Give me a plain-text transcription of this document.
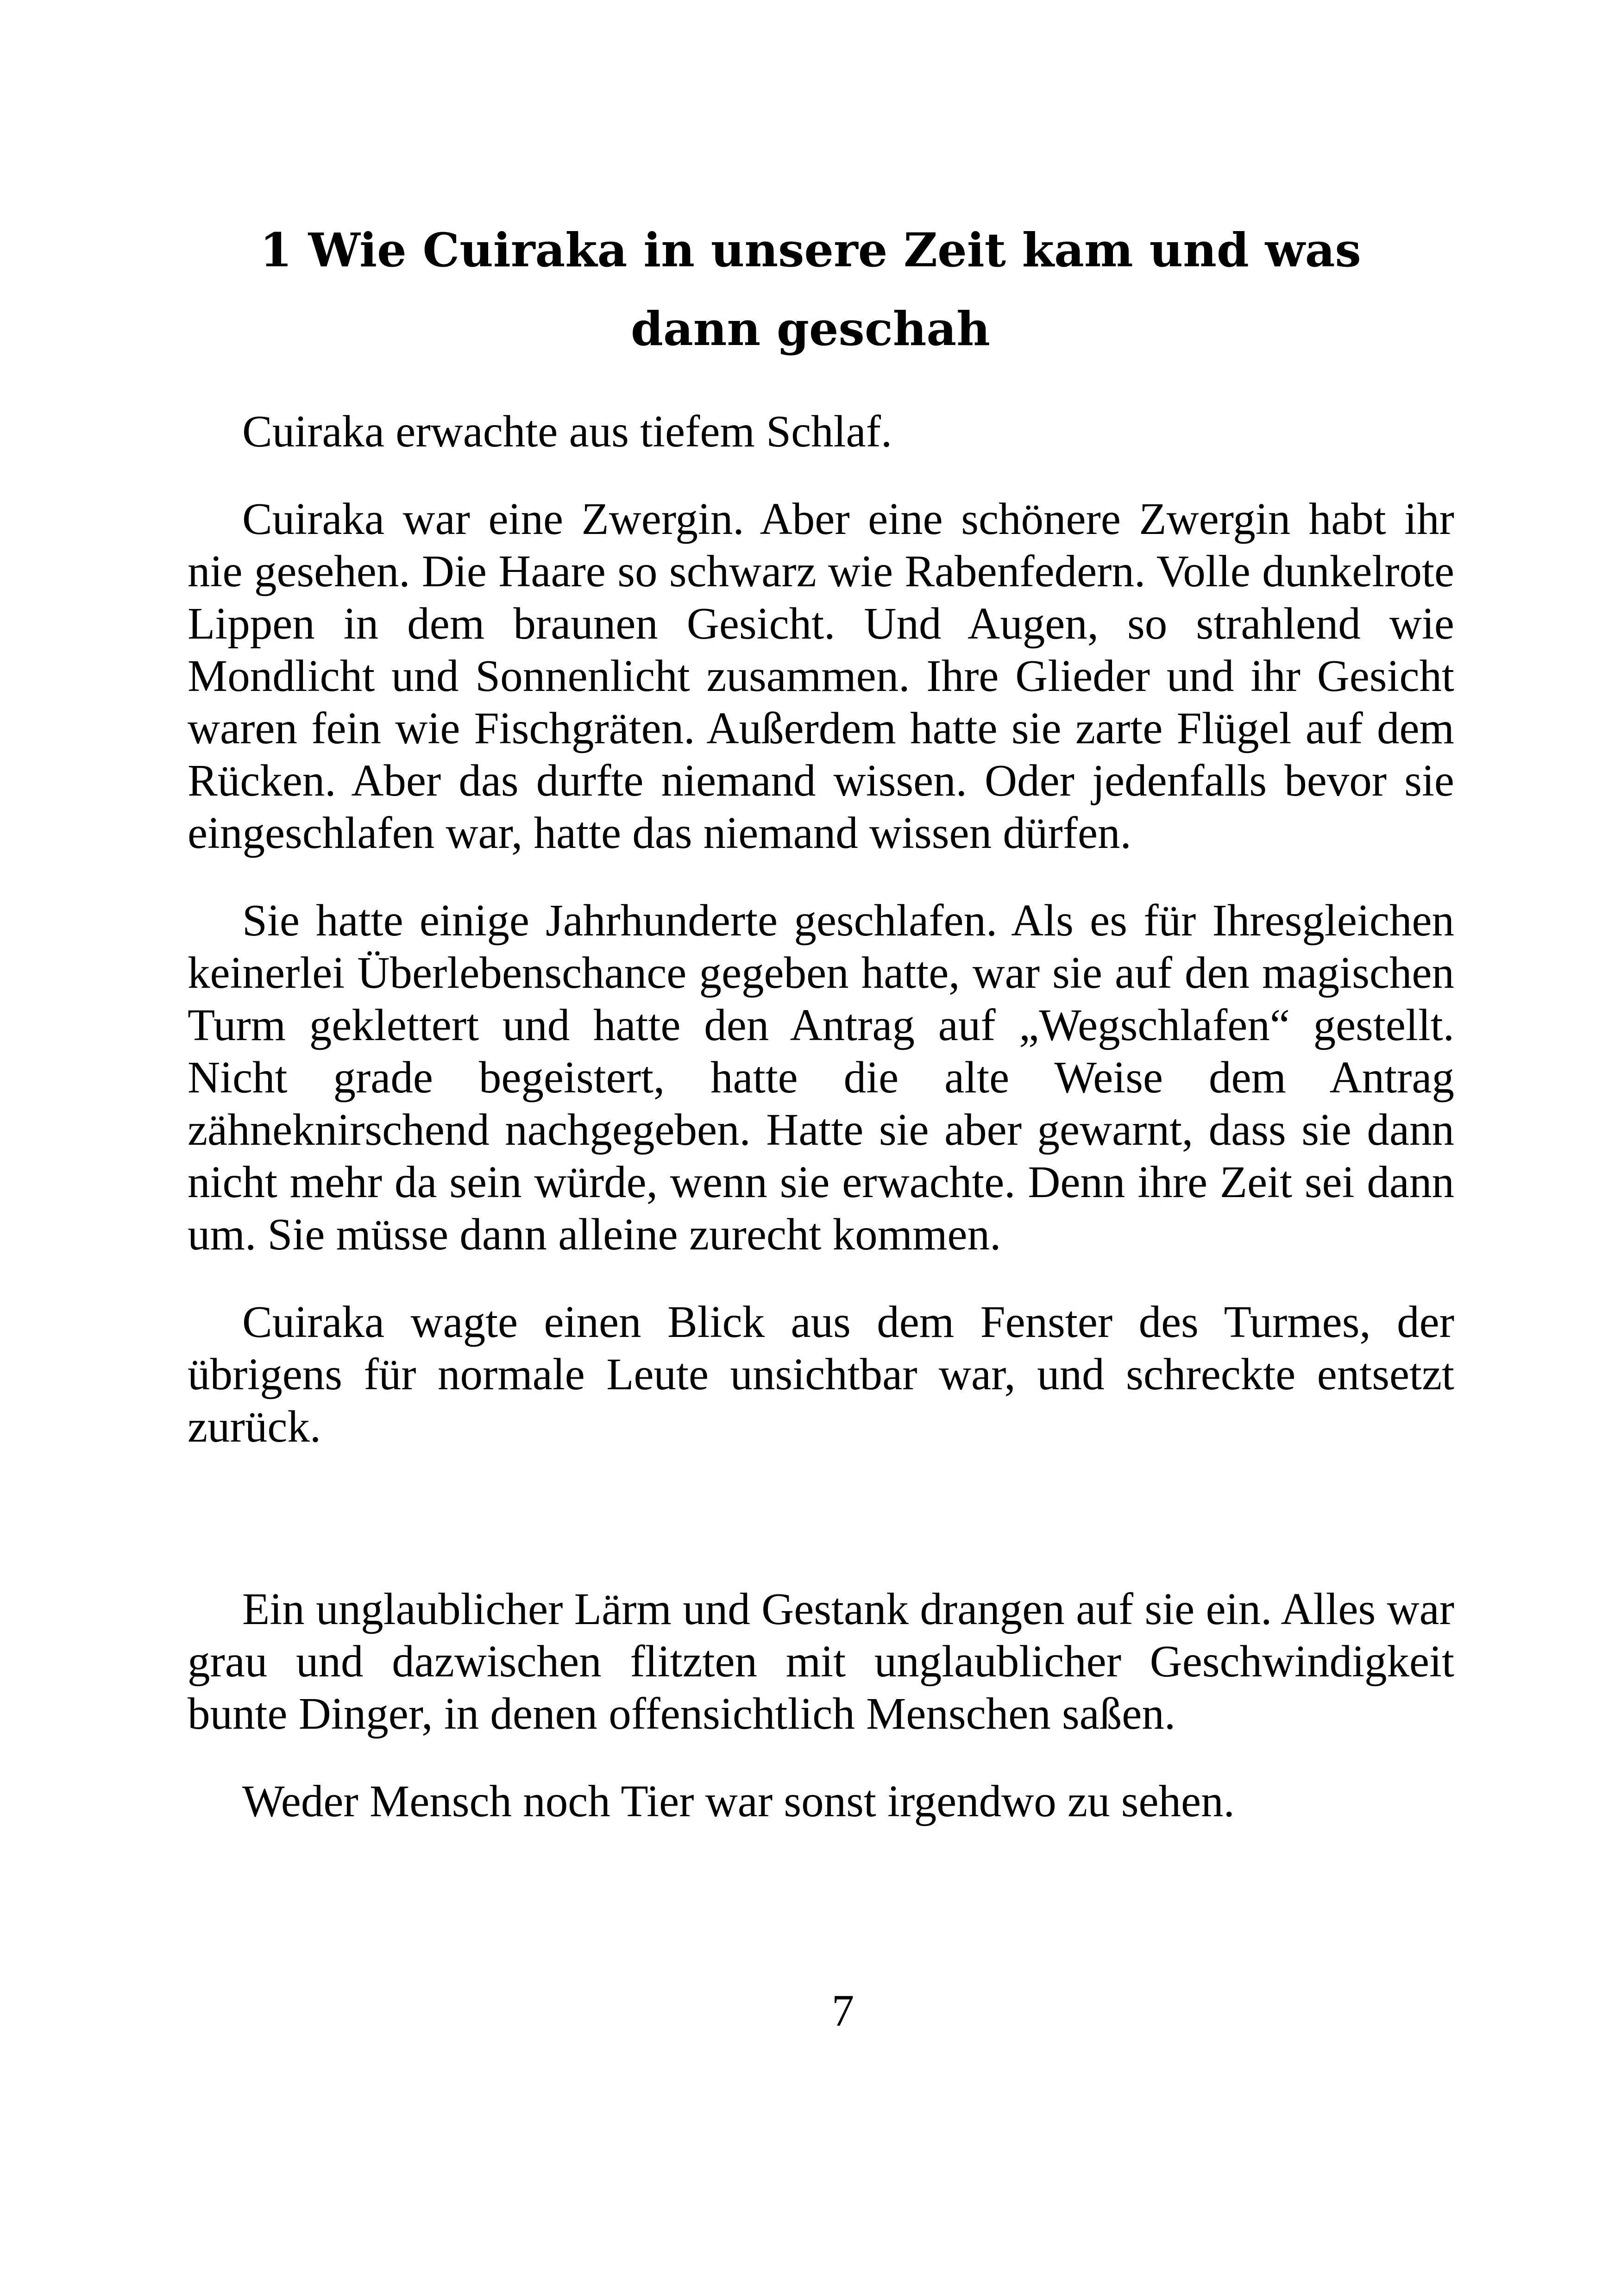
1 Wie Cuiraka in unsere Zeit kam und was dann geschah

Cuiraka erwachte aus tiefem Schlaf.

Cuiraka war eine Zwergin. Aber eine schönere Zwergin habt ihr nie gesehen. Die Haare so schwarz wie Rabenfedern. Volle dunkelrote Lippen in dem braunen Gesicht. Und Augen, so strahlend wie Mondlicht und Sonnenlicht zusammen. Ihre Glieder und ihr Gesicht waren fein wie Fischgräten. Außerdem hatte sie zarte Flügel auf dem Rücken. Aber das durfte niemand wissen. Oder jedenfalls bevor sie eingeschlafen war, hatte das niemand wissen dürfen.

Sie hatte einige Jahrhunderte geschlafen. Als es für Ihresgleichen keinerlei Überlebenschance gegeben hatte, war sie auf den magischen Turm geklettert und hatte den Antrag auf „Wegschlafen“ gestellt. Nicht grade begeistert, hatte die alte Weise dem Antrag zähneknirschend nachgegeben. Hatte sie aber gewarnt, dass sie dann nicht mehr da sein würde, wenn sie erwachte. Denn ihre Zeit sei dann um. Sie müsse dann alleine zurecht kommen.

Cuiraka wagte einen Blick aus dem Fenster des Turmes, der übrigens für normale Leute unsichtbar war, und schreckte entsetzt zurück.

Ein unglaublicher Lärm und Gestank drangen auf sie ein. Alles war grau und dazwischen flitzten mit unglaublicher Geschwindigkeit bunte Dinger, in denen offensichtlich Menschen saßen.

Weder Mensch noch Tier war sonst irgendwo zu sehen.

7
